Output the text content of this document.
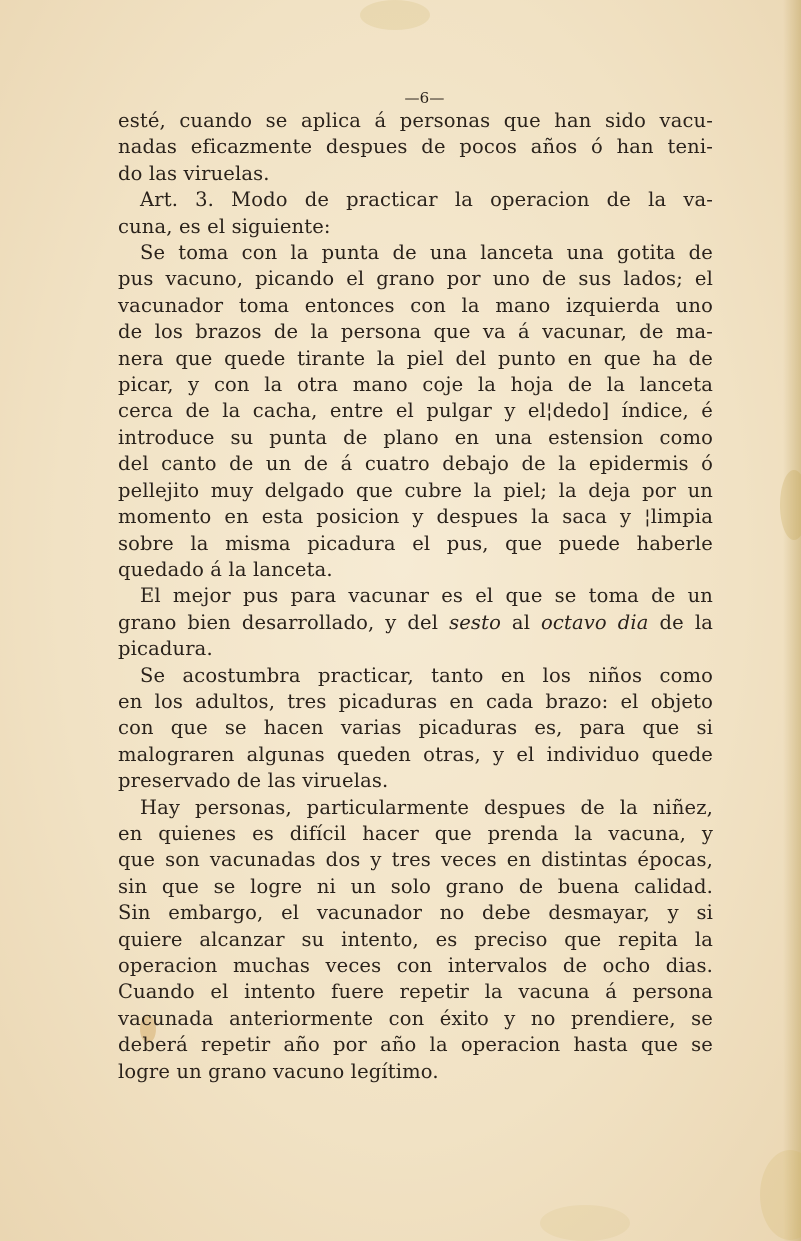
—6—
esté, cuando se aplica á personas que han sido vacu-
nadas eficazmente despues de pocos años ó han teni-
do las viruelas.
Art. 3. Modo de practicar la operacion de la va-
cuna, es el siguiente:
Se toma con la punta de una lanceta una gotita de
pus vacuno, picando el grano por uno de sus lados; el
vacunador toma entonces con la mano izquierda uno
de los brazos de la persona que va á vacunar, de ma-
nera que quede tirante la piel del punto en que ha de
picar, y con la otra mano coje la hoja de la lanceta
cerca de la cacha, entre el pulgar y el¦dedo] índice, é
introduce su punta de plano en una estension como
del canto de un de á cuatro debajo de la epidermis ó
pellejito muy delgado que cubre la piel; la deja por un
momento en esta posicion y despues la saca y ¦limpia
sobre la misma picadura el pus, que puede haberle
quedado á la lanceta.
El mejor pus para vacunar es el que se toma de un
grano bien desarrollado, y del sesto al octavo dia de la
picadura.
Se acostumbra practicar, tanto en los niños como
en los adultos, tres picaduras en cada brazo: el objeto
con que se hacen varias picaduras es, para que si
malograren algunas queden otras, y el individuo quede
preservado de las viruelas.
Hay personas, particularmente despues de la niñez,
en quienes es difícil hacer que prenda la vacuna, y
que son vacunadas dos y tres veces en distintas épocas,
sin que se logre ni un solo grano de buena calidad.
Sin embargo, el vacunador no debe desmayar, y si
quiere alcanzar su intento, es preciso que repita la
operacion muchas veces con intervalos de ocho dias.
Cuando el intento fuere repetir la vacuna á persona
vacunada anteriormente con éxito y no prendiere, se
deberá repetir año por año la operacion hasta que se
logre un grano vacuno legítimo.
